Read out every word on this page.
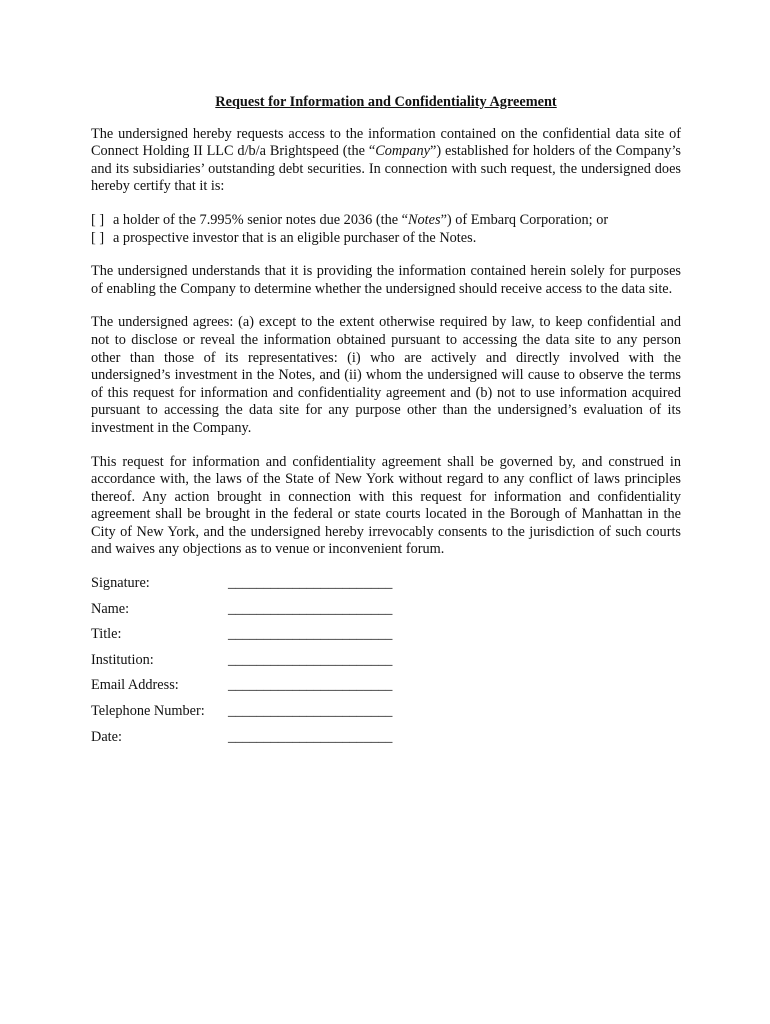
Request for Information and Confidentiality Agreement

The undersigned hereby requests access to the information contained on the confidential data site of Connect Holding II LLC d/b/a Brightspeed (the “Company”) established for holders of the Company’s and its subsidiaries’ outstanding debt securities. In connection with such request, the undersigned does hereby certify that it is:

[ ] a holder of the 7.995% senior notes due 2036 (the “Notes”) of Embarq Corporation; or
[ ] a prospective investor that is an eligible purchaser of the Notes.

The undersigned understands that it is providing the information contained herein solely for purposes of enabling the Company to determine whether the undersigned should receive access to the data site.

The undersigned agrees: (a) except to the extent otherwise required by law, to keep confidential and not to disclose or reveal the information obtained pursuant to accessing the data site to any person other than those of its representatives: (i) who are actively and directly involved with the undersigned’s investment in the Notes, and (ii) whom the undersigned will cause to observe the terms of this request for information and confidentiality agreement and (b) not to use information acquired pursuant to accessing the data site for any purpose other than the undersigned’s evaluation of its investment in the Company.

This request for information and confidentiality agreement shall be governed by, and construed in accordance with, the laws of the State of New York without regard to any conflict of laws principles thereof. Any action brought in connection with this request for information and confidentiality agreement shall be brought in the federal or state courts located in the Borough of Manhattan in the City of New York, and the undersigned hereby irrevocably consents to the jurisdiction of such courts and waives any objections as to venue or inconvenient forum.

Signature:	_______________________
Name:	_______________________
Title:	_______________________
Institution:	_______________________
Email Address:	_______________________
Telephone Number:	_______________________
Date:	_______________________
